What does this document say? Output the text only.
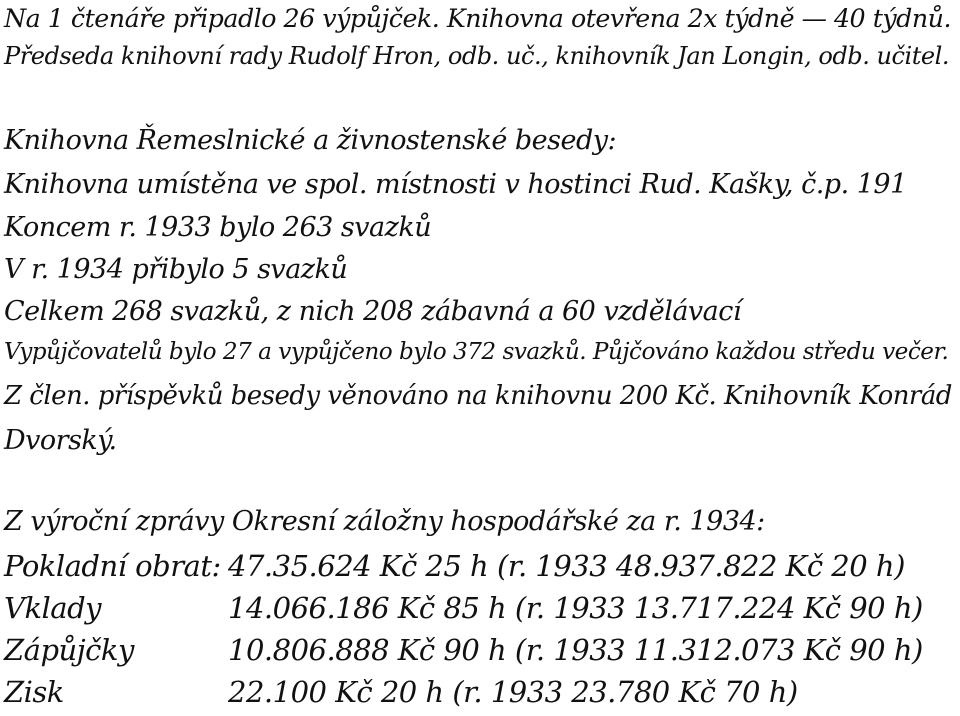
Na 1 čtenáře připadlo 26 výpůjček. Knihovna otevřena 2x týdně — 40 týdnů.
Předseda knihovní rady Rudolf Hron, odb. uč., knihovník Jan Longin, odb. učitel.
Knihovna Řemeslnické a živnostenské besedy:
Knihovna umístěna ve spol. místnosti v hostinci Rud. Kašky, č.p. 191
Koncem r. 1933 bylo 263 svazků
V r. 1934 přibylo 5 svazků
Celkem 268 svazků, z nich 208 zábavná a 60 vzdělávací
Vypůjčovatelů bylo 27 a vypůjčeno bylo 372 svazků. Půjčováno každou středu večer.
Z člen. příspěvků besedy věnováno na knihovnu 200 Kč. Knihovník Konrád
Dvorský.
Z výroční zprávy Okresní záložny hospodářské za r. 1934:
Pokladní obrat: 47.35.624 Kč 25 h (r. 1933 48.937.822 Kč 20 h)
Vklady	14.066.186 Kč 85 h (r. 1933 13.717.224 Kč 90 h)
Zápůjčky	10.806.888 Kč 90 h (r. 1933 11.312.073 Kč 90 h)
Zisk	22.100 Kč 20 h (r. 1933 23.780 Kč 70 h)
